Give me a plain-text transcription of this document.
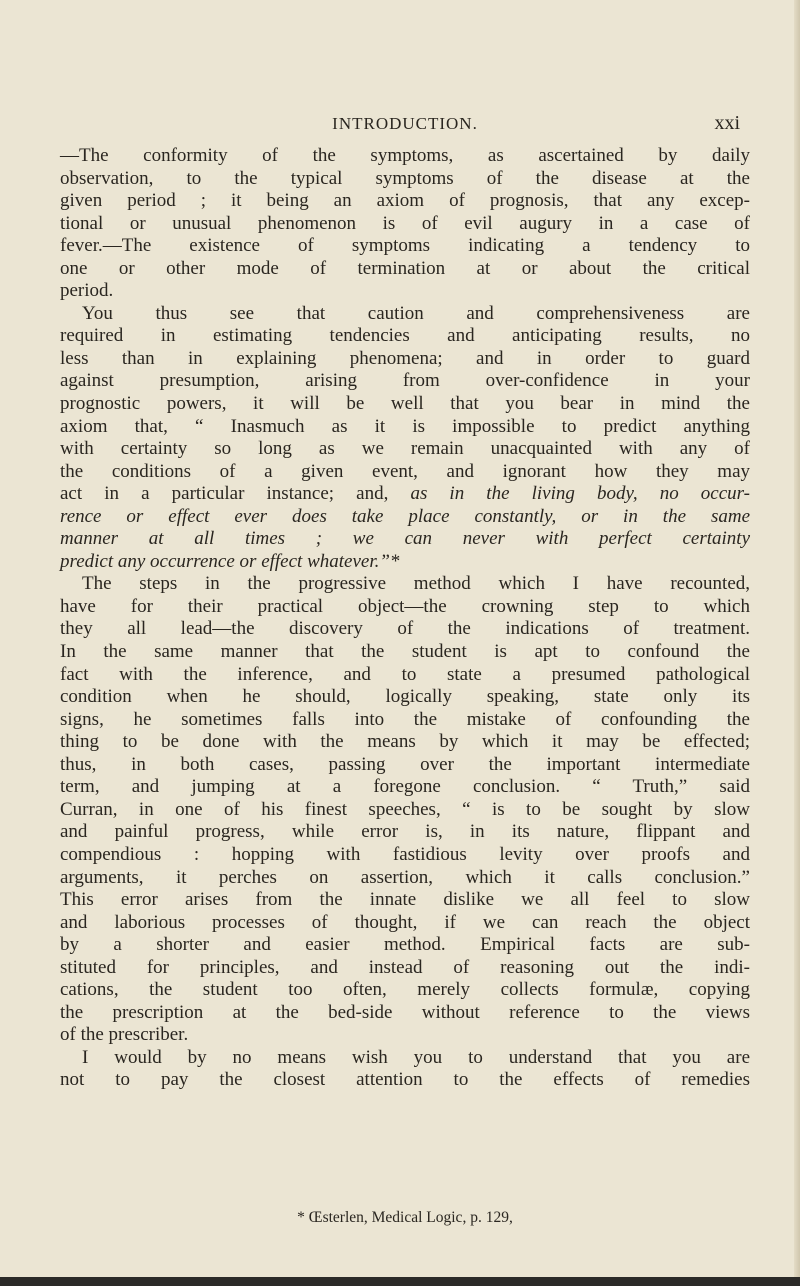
INTRODUCTION.	xxi
—The conformity of the symptoms, as ascertained by daily
observation, to the typical symptoms of the disease at the
given period ; it being an axiom of prognosis, that any excep-
tional or unusual phenomenon is of evil augury in a case of
fever.—The existence of symptoms indicating a tendency to
one or other mode of termination at or about the critical
period.
You thus see that caution and comprehensiveness are
required in estimating tendencies and anticipating results, no
less than in explaining phenomena; and in order to guard
against presumption, arising from over-confidence in your
prognostic powers, it will be well that you bear in mind the
axiom that, “ Inasmuch as it is impossible to predict anything
with certainty so long as we remain unacquainted with any of
the conditions of a given event, and ignorant how they may
act in a particular instance; and, as in the living body, no occur-
rence or effect ever does take place constantly, or in the same
manner at all times ; we can never with perfect certainty
predict any occurrence or effect whatever.”*
The steps in the progressive method which I have recounted,
have for their practical object—the crowning step to which
they all lead—the discovery of the indications of treatment.
In the same manner that the student is apt to confound the
fact with the inference, and to state a presumed pathological
condition when he should, logically speaking, state only its
signs, he sometimes falls into the mistake of confounding the
thing to be done with the means by which it may be effected;
thus, in both cases, passing over the important intermediate
term, and jumping at a foregone conclusion. “ Truth,” said
Curran, in one of his finest speeches, “ is to be sought by slow
and painful progress, while error is, in its nature, flippant and
compendious : hopping with fastidious levity over proofs and
arguments, it perches on assertion, which it calls conclusion.”
This error arises from the innate dislike we all feel to slow
and laborious processes of thought, if we can reach the object
by a shorter and easier method. Empirical facts are sub-
stituted for principles, and instead of reasoning out the indi-
cations, the student too often, merely collects formulæ, copying
the prescription at the bed-side without reference to the views
of the prescriber.
I would by no means wish you to understand that you are
not to pay the closest attention to the effects of remedies
* Œsterlen, Medical Logic, p. 129,
